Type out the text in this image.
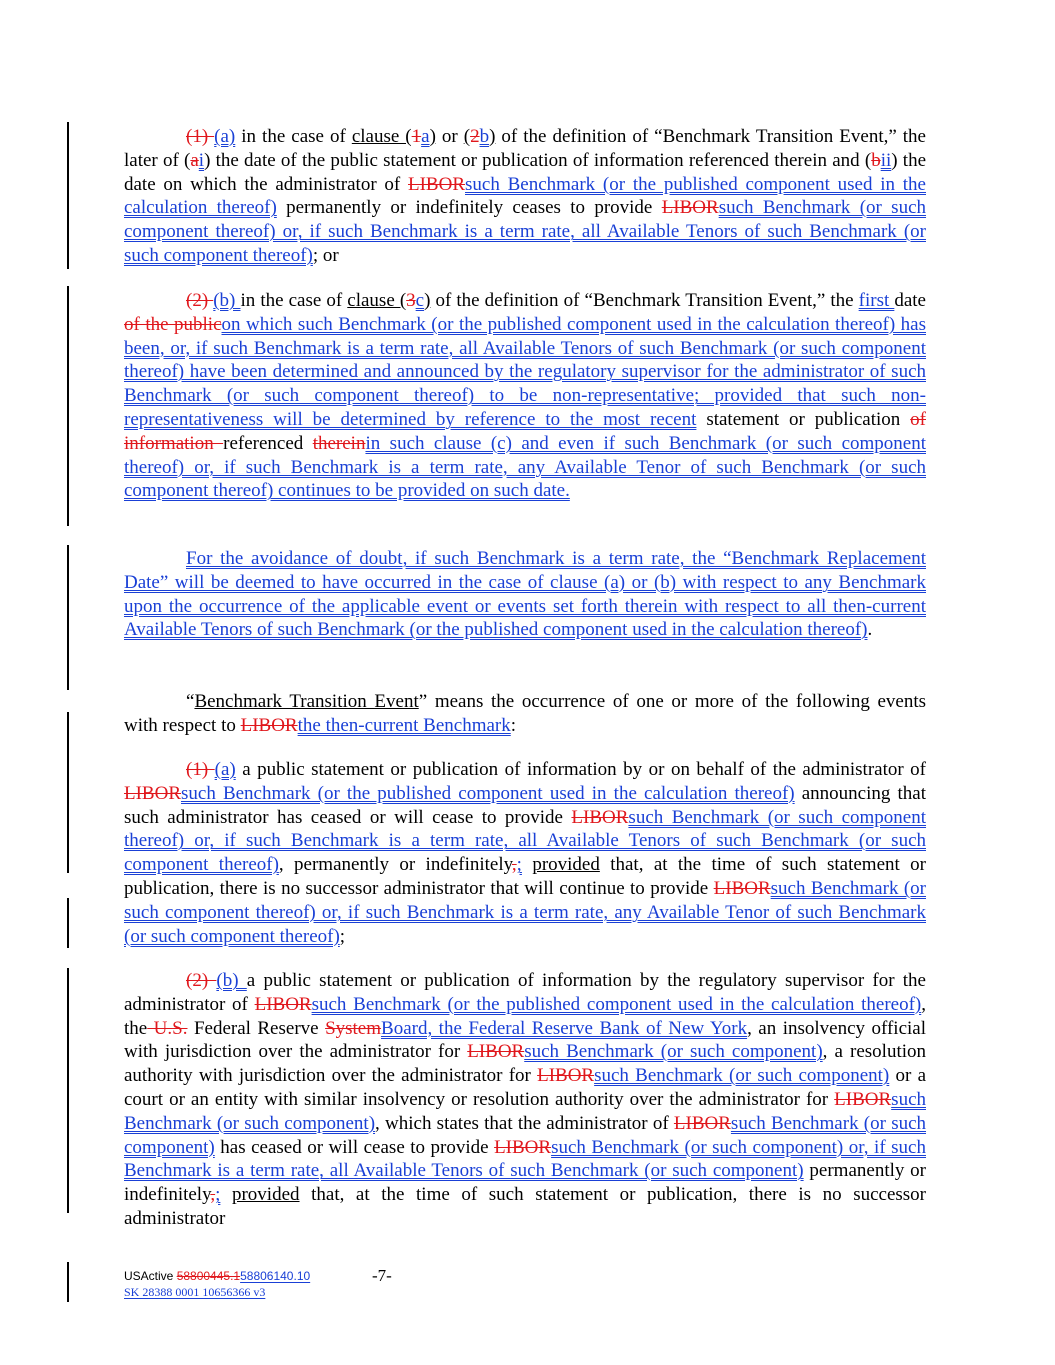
(1) (a) in the case of clause (1a) or (2b) of the definition of “Benchmark Transition Event,” the later of (ai) the date of the public statement or publication of information referenced therein and (bii) the date on which the administrator of LIBORsuch Benchmark (or the published component used in the calculation thereof) permanently or indefinitely ceases to provide LIBORsuch Benchmark (or such component thereof) or, if such Benchmark is a term rate, all Available Tenors of such Benchmark (or such component thereof); or

(2) (b) in the case of clause (3c) of the definition of “Benchmark Transition Event,” the first date of the publicon which such Benchmark (or the published component used in the calculation thereof) has been, or, if such Benchmark is a term rate, all Available Tenors of such Benchmark (or such component thereof) have been determined and announced by the regulatory supervisor for the administrator of such Benchmark (or such component thereof) to be non-representative; provided that such non-representativeness will be determined by reference to the most recent statement or publication of information referenced thereinin such clause (c) and even if such Benchmark (or such component thereof) or, if such Benchmark is a term rate, any Available Tenor of such Benchmark (or such component thereof) continues to be provided on such date.

For the avoidance of doubt, if such Benchmark is a term rate, the “Benchmark Replacement Date” will be deemed to have occurred in the case of clause (a) or (b) with respect to any Benchmark upon the occurrence of the applicable event or events set forth therein with respect to all then-current Available Tenors of such Benchmark (or the published component used in the calculation thereof).

“Benchmark Transition Event” means the occurrence of one or more of the following events with respect to LIBORthe then-current Benchmark:

(1) (a) a public statement or publication of information by or on behalf of the administrator of LIBORsuch Benchmark (or the published component used in the calculation thereof) announcing that such administrator has ceased or will cease to provide LIBORsuch Benchmark (or such component thereof) or, if such Benchmark is a term rate, all Available Tenors of such Benchmark (or such component thereof), permanently or indefinitely,; provided that, at the time of such statement or publication, there is no successor administrator that will continue to provide LIBORsuch Benchmark (or such component thereof) or, if such Benchmark is a term rate, any Available Tenor of such Benchmark (or such component thereof);

(2) (b) a public statement or publication of information by the regulatory supervisor for the administrator of LIBORsuch Benchmark (or the published component used in the calculation thereof), the U.S. Federal Reserve SystemBoard, the Federal Reserve Bank of New York, an insolvency official with jurisdiction over the administrator for LIBORsuch Benchmark (or such component), a resolution authority with jurisdiction over the administrator for LIBORsuch Benchmark (or such component) or a court or an entity with similar insolvency or resolution authority over the administrator for LIBORsuch Benchmark (or such component), which states that the administrator of LIBORsuch Benchmark (or such component) has ceased or will cease to provide LIBORsuch Benchmark (or such component) or, if such Benchmark is a term rate, all Available Tenors of such Benchmark (or such component) permanently or indefinitely,; provided that, at the time of such statement or publication, there is no successor administrator

USActive 58800445.158806140.10
SK 28388 0001 10656366 v3
-7-
